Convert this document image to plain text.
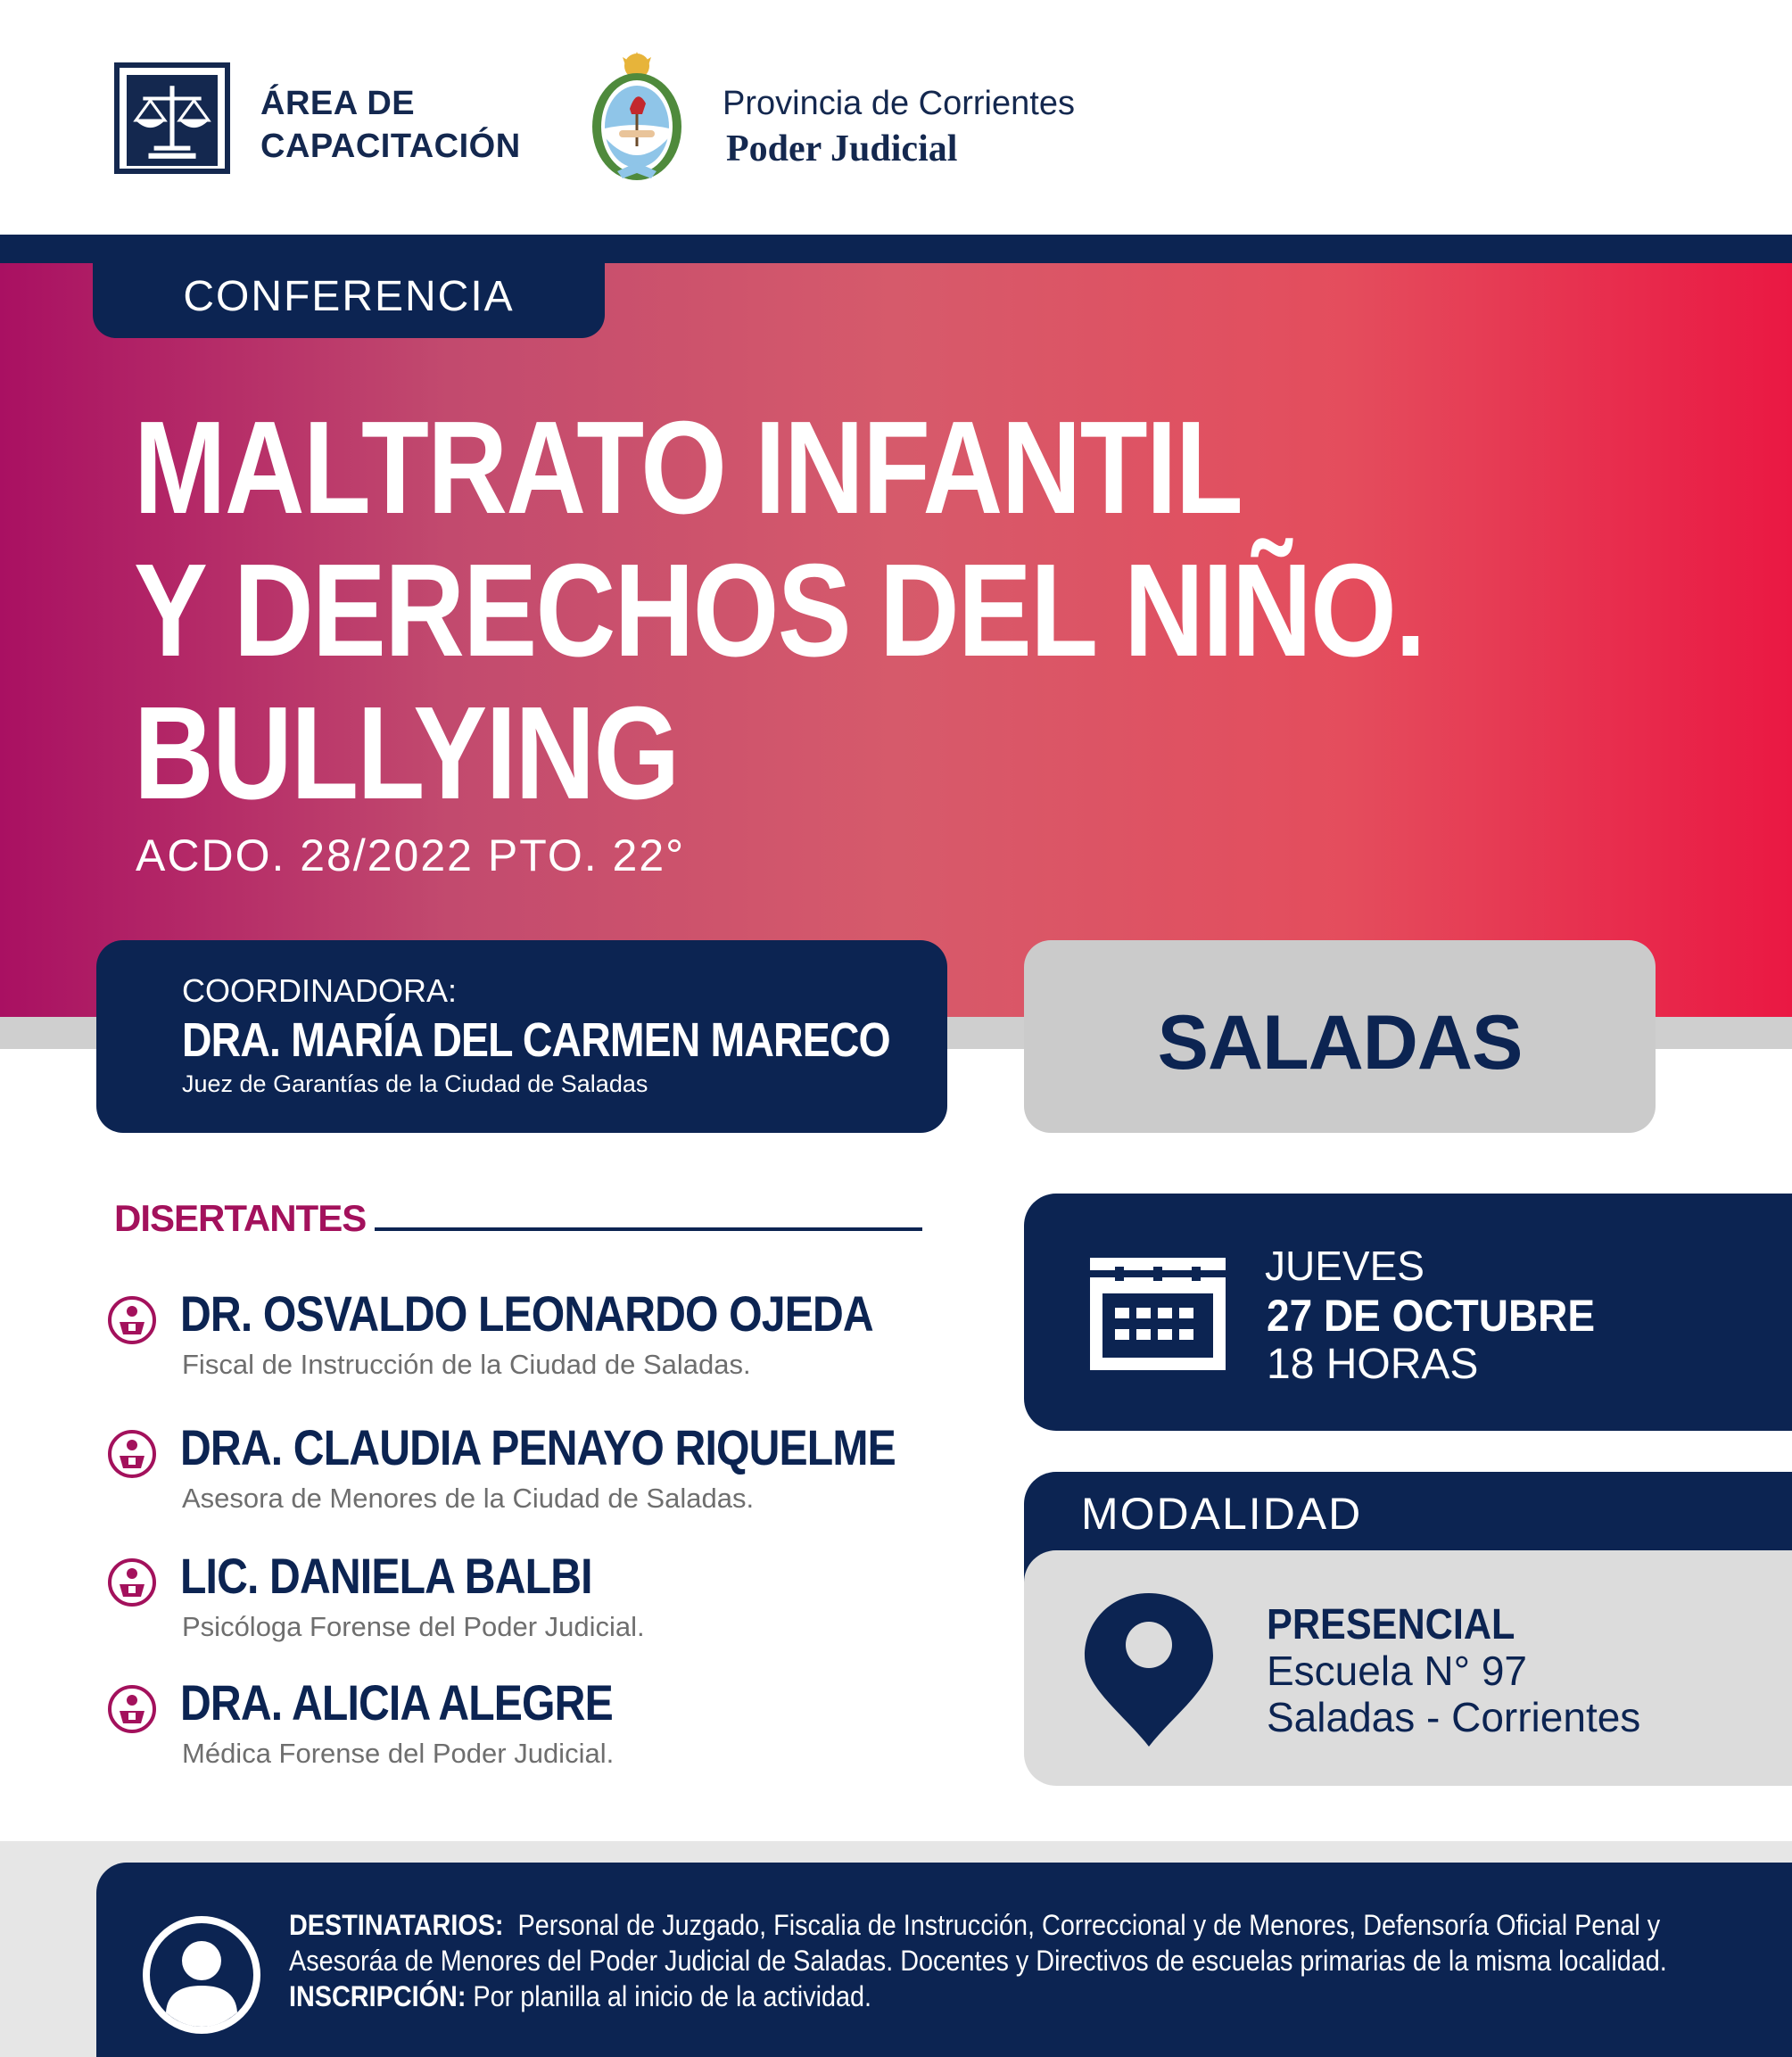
ÁREA DE
CAPACITACIÓN
Provincia de Corrientes
Poder Judicial
CONFERENCIA
MALTRATO INFANTIL
Y DERECHOS DEL NIÑO.
BULLYING
ACDO. 28/2022 PTO. 22°
COORDINADORA:
DRA. MARÍA DEL CARMEN MARECO
Juez de Garantías de la Ciudad de Saladas	SALADAS
DISERTANTES
DR. OSVALDO LEONARDO OJEDA
Fiscal de Instrucción de la Ciudad de Saladas.
DRA. CLAUDIA PENAYO RIQUELME
Asesora de Menores de la Ciudad de Saladas.
LIC. DANIELA BALBI
Psicóloga Forense del Poder Judicial.
DRA. ALICIA ALEGRE
Médica Forense del Poder Judicial.
JUEVES
27 DE OCTUBRE
18 HORAS
MODALIDAD
PRESENCIAL
Escuela N° 97
Saladas - Corrientes
DESTINATARIOS: Personal de Juzgado, Fiscalia de Instrucción, Correccional y de Menores, Defensoría Oficial Penal y
Asesoráa de Menores del Poder Judicial de Saladas. Docentes y Directivos de escuelas primarias de la misma localidad.
INSCRIPCIÓN: Por planilla al inicio de la actividad.
